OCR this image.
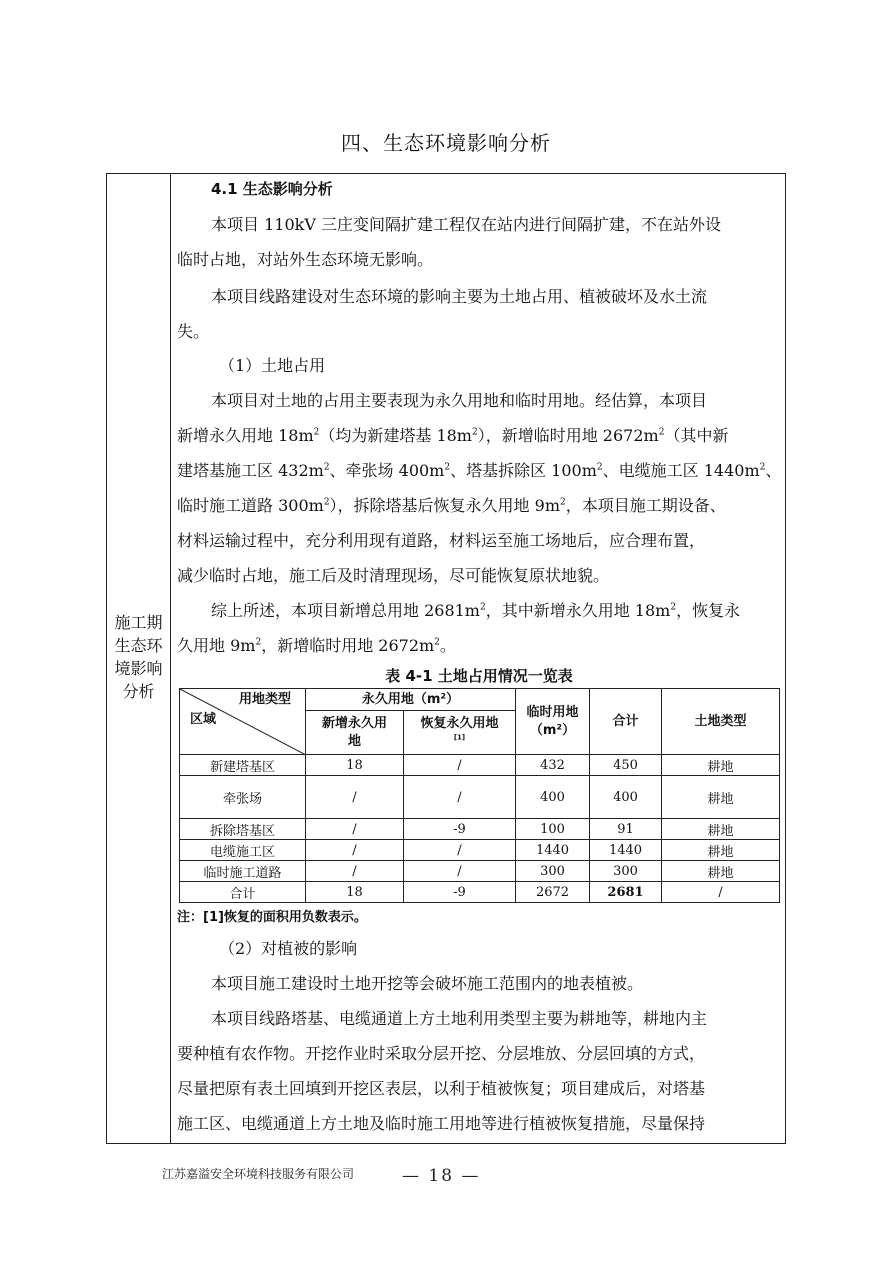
四、生态环境影响分析
施工期
生态环
境影响
分析
4.1 生态影响分析
本项目 110kV 三庄变间隔扩建工程仅在站内进行间隔扩建，不在站外设
临时占地，对站外生态环境无影响。
本项目线路建设对生态环境的影响主要为土地占用、植被破坏及水土流
失。
（1）土地占用
本项目对土地的占用主要表现为永久用地和临时用地。经估算，本项目
新增永久用地 $18m^2$（均为新建塔基 $18m^2$），新增临时用地 $2672m^2$（其中新
建塔基施工区 $432m^2$、牵张场 $400m^2$、塔基拆除区 $100m^2$、电缆施工区 $1440m^2$、
临时施工道路 $300m^2$），拆除塔基后恢复永久用地 $9m^2$，本项目施工期设备、
材料运输过程中，充分利用现有道路，材料运至施工场地后，应合理布置，
减少临时占地，施工后及时清理现场，尽可能恢复原状地貌。
综上所述，本项目新增总用地 $2681m^2$，其中新增永久用地 $18m^2$，恢复永
久用地 $9m^2$，新增临时用地 $2672m^2$。
表 4-1 土地占用情况一览表
注：[1]恢复的面积用负数表示。
（2）对植被的影响
本项目施工建设时土地开挖等会破坏施工范围内的地表植被。
本项目线路塔基、电缆通道上方土地利用类型主要为耕地等，耕地内主
要种植有农作物。开挖作业时采取分层开挖、分层堆放、分层回填的方式，
尽量把原有表土回填到开挖区表层，以利于植被恢复；项目建成后，对塔基
施工区、电缆通道上方土地及临时施工用地等进行植被恢复措施，尽量保持
用地类型
区域	永久用地（m²）		临时用地（m²）	合计	土地类型
	新增永久用地	恢复永久用地
[1]
新建塔基区	18	/	432	450	耕地
牵张场	/	/	400	400	耕地
拆除塔基区	/	-9	100	91	耕地
电缆施工区	/	/	1440	1440	耕地
临时施工道路	/	/	300	300	耕地
合计	18	-9	2672	2681	/
江苏嘉溢安全环境科技服务有限公司	— 18 —
